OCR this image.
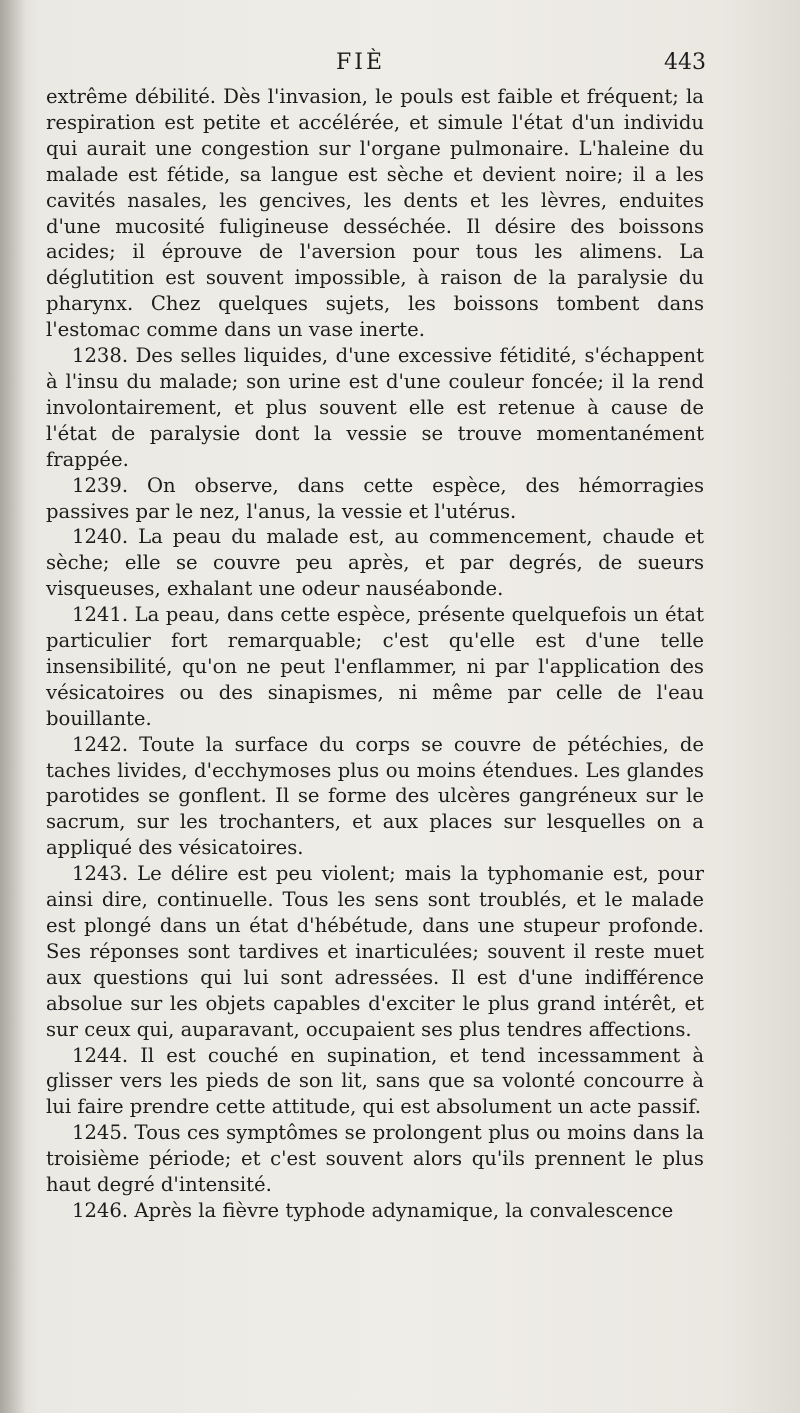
FIÈ	443

extrême débilité. Dès l'invasion, le pouls est faible et fréquent; la respiration est petite et accélérée, et simule l'état d'un individu qui aurait une congestion sur l'organe pulmonaire. L'haleine du malade est fétide, sa langue est sèche et devient noire; il a les cavités nasales, les gencives, les dents et les lèvres, enduites d'une mucosité fuligineuse desséchée. Il désire des boissons acides; il éprouve de l'aversion pour tous les alimens. La déglutition est souvent impossible, à raison de la paralysie du pharynx. Chez quelques sujets, les boissons tombent dans l'estomac comme dans un vase inerte.

1238. Des selles liquides, d'une excessive fétidité, s'échappent à l'insu du malade; son urine est d'une couleur foncée; il la rend involontairement, et plus souvent elle est retenue à cause de l'état de paralysie dont la vessie se trouve momentanément frappée.

1239. On observe, dans cette espèce, des hémorragies passives par le nez, l'anus, la vessie et l'utérus.

1240. La peau du malade est, au commencement, chaude et sèche; elle se couvre peu après, et par degrés, de sueurs visqueuses, exhalant une odeur nauséabonde.

1241. La peau, dans cette espèce, présente quelquefois un état particulier fort remarquable; c'est qu'elle est d'une telle insensibilité, qu'on ne peut l'enflammer, ni par l'application des vésicatoires ou des sinapismes, ni même par celle de l'eau bouillante.

1242. Toute la surface du corps se couvre de pétéchies, de taches livides, d'ecchymoses plus ou moins étendues. Les glandes parotides se gonflent. Il se forme des ulcères gangréneux sur le sacrum, sur les trochanters, et aux places sur lesquelles on a appliqué des vésicatoires.

1243. Le délire est peu violent; mais la typhomanie est, pour ainsi dire, continuelle. Tous les sens sont troublés, et le malade est plongé dans un état d'hébétude, dans une stupeur profonde. Ses réponses sont tardives et inarticulées; souvent il reste muet aux questions qui lui sont adressées. Il est d'une indifférence absolue sur les objets capables d'exciter le plus grand intérêt, et sur ceux qui, auparavant, occupaient ses plus tendres affections.

1244. Il est couché en supination, et tend incessamment à glisser vers les pieds de son lit, sans que sa volonté concourre à lui faire prendre cette attitude, qui est absolument un acte passif.

1245. Tous ces symptômes se prolongent plus ou moins dans la troisième période; et c'est souvent alors qu'ils prennent le plus haut degré d'intensité.

1246. Après la fièvre typhode adynamique, la convalescence
